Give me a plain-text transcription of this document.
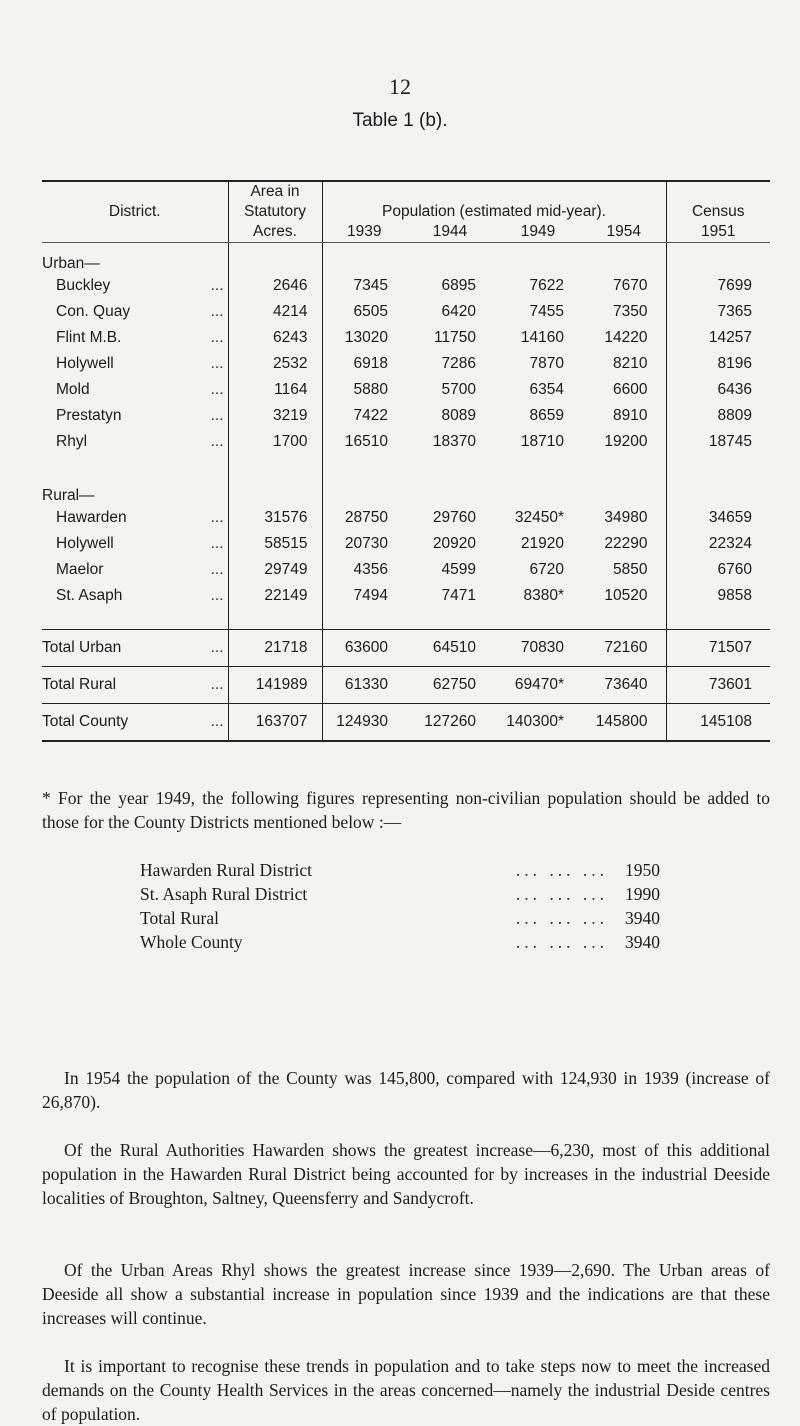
12
Table 1 (b).
	Area in					
District.	Statutory	Population (estimated mid-year).				Census
	Acres.	1939	1944	1949	1954	1951
Urban—						
Buckley ...	2646	7345	6895	7622	7670	7699
Con. Quay ...	4214	6505	6420	7455	7350	7365
Flint M.B. ...	6243	13020	11750	14160	14220	14257
Holywell ...	2532	6918	7286	7870	8210	8196
Mold ...	1164	5880	5700	6354	6600	6436
Prestatyn ...	3219	7422	8089	8659	8910	8809
Rhyl ...	1700	16510	18370	18710	19200	18745

Rural—						
Hawarden ...	31576	28750	29760	32450*	34980	34659
Holywell ...	58515	20730	20920	21920	22290	22324
Maelor ...	29749	4356	4599	6720	5850	6760
St. Asaph ...	22149	7494	7471	8380*	10520	9858

Total Urban ...	21718	63600	64510	70830	72160	71507
Total Rural ...	141989	61330	62750	69470*	73640	73601
Total County ...	163707	124930	127260	140300*	145800	145108
* For the year 1949, the following figures representing non-civilian population should be added to those for the County Districts mentioned below :—
Hawarden Rural District	... ... ... 1950
St. Asaph Rural District	... ... ... 1990
Total Rural	... ... ... 3940
Whole County	... ... ... 3940
In 1954 the population of the County was 145,800, compared with 124,930 in 1939 (increase of 26,870).
Of the Rural Authorities Hawarden shows the greatest increase—6,230, most of this additional population in the Hawarden Rural District being accounted for by increases in the industrial Deeside localities of Broughton, Saltney, Queensferry and Sandycroft.
Of the Urban Areas Rhyl shows the greatest increase since 1939—2,690. The Urban areas of Deeside all show a substantial increase in population since 1939 and the indications are that these increases will continue.
It is important to recognise these trends in population and to take steps now to meet the increased demands on the County Health Services in the areas concerned—namely the industrial Deside centres of population.
